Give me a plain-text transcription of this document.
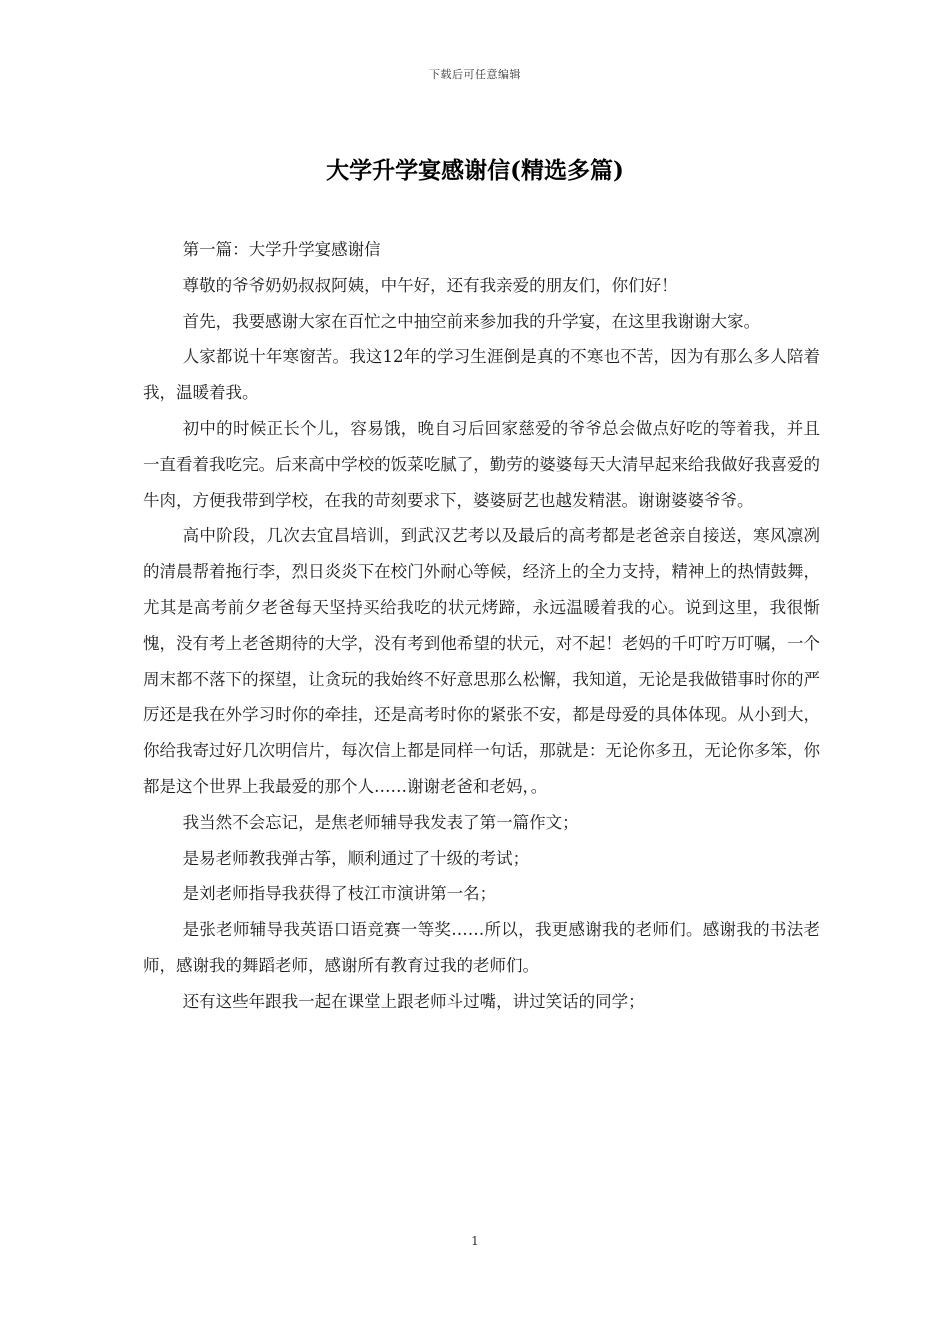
下载后可任意编辑
大学升学宴感谢信(精选多篇)

第一篇：大学升学宴感谢信

尊敬的爷爷奶奶叔叔阿姨，中午好，还有我亲爱的朋友们，你们好！

首先，我要感谢大家在百忙之中抽空前来参加我的升学宴，在这里我谢谢大家。

人家都说十年寒窗苦。我这12年的学习生涯倒是真的不寒也不苦，因为有那么多人陪着我，温暖着我。

初中的时候正长个儿，容易饿，晚自习后回家慈爱的爷爷总会做点好吃的等着我，并且一直看着我吃完。后来高中学校的饭菜吃腻了，勤劳的婆婆每天大清早起来给我做好我喜爱的牛肉，方便我带到学校，在我的苛刻要求下，婆婆厨艺也越发精湛。谢谢婆婆爷爷。

高中阶段，几次去宜昌培训，到武汉艺考以及最后的高考都是老爸亲自接送，寒风凛冽的清晨帮着拖行李，烈日炎炎下在校门外耐心等候，经济上的全力支持，精神上的热情鼓舞，尤其是高考前夕老爸每天坚持买给我吃的状元烤蹄，永远温暖着我的心。说到这里，我很惭愧，没有考上老爸期待的大学，没有考到他希望的状元，对不起！老妈的千叮咛万叮嘱，一个周末都不落下的探望，让贪玩的我始终不好意思那么松懈，我知道，无论是我做错事时你的严厉还是我在外学习时你的牵挂，还是高考时你的紧张不安，都是母爱的具体体现。从小到大，你给我寄过好几次明信片，每次信上都是同样一句话，那就是：无论你多丑，无论你多笨，你都是这个世界上我最爱的那个人……谢谢老爸和老妈，。

我当然不会忘记，是焦老师辅导我发表了第一篇作文；

是易老师教我弹古筝，顺利通过了十级的考试；

是刘老师指导我获得了枝江市演讲第一名；

是张老师辅导我英语口语竞赛一等奖……所以，我更感谢我的老师们。感谢我的书法老师，感谢我的舞蹈老师，感谢所有教育过我的老师们。

还有这些年跟我一起在课堂上跟老师斗过嘴，讲过笑话的同学；

1
